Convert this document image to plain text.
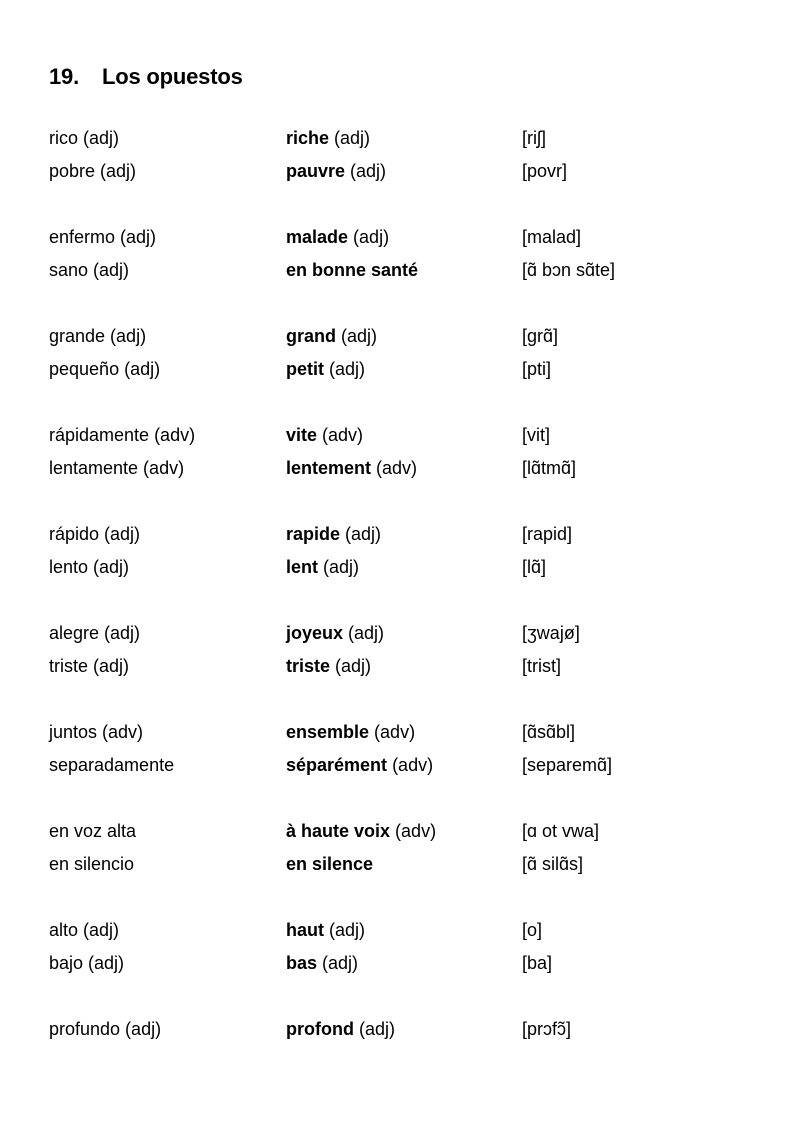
19. Los opuestos
rico (adj)	riche (adj)	[riʃ]
pobre (adj)	pauvre (adj)	[povr]
enfermo (adj)	malade (adj)	[malad]
sano (adj)	en bonne santé	[ɑ̃ bɔn sɑ̃te]
grande (adj)	grand (adj)	[grɑ̃]
pequeño (adj)	petit (adj)	[pti]
rápidamente (adv)	vite (adv)	[vit]
lentamente (adv)	lentement (adv)	[lɑ̃tmɑ̃]
rápido (adj)	rapide (adj)	[rapid]
lento (adj)	lent (adj)	[lɑ̃]
alegre (adj)	joyeux (adj)	[ʒwajø]
triste (adj)	triste (adj)	[trist]
juntos (adv)	ensemble (adv)	[ɑ̃sɑ̃bl]
separadamente	séparément (adv)	[separemɑ̃]
en voz alta	à haute voix (adv)	[ɑ ot vwa]
en silencio	en silence	[ɑ̃ silɑ̃s]
alto (adj)	haut (adj)	[o]
bajo (adj)	bas (adj)	[ba]
profundo (adj)	profond (adj)	[prɔfɔ̃]
